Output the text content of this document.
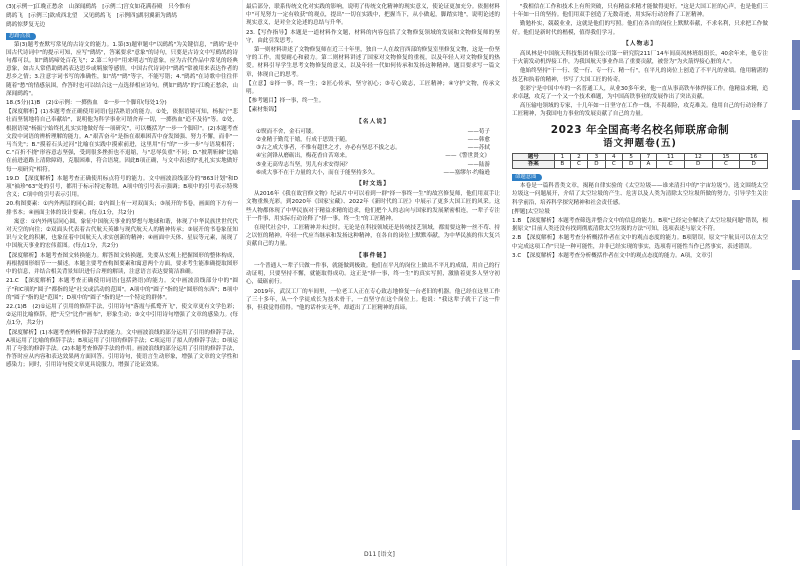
(3)[示例一]江晚正愁余　山深闻鹧鸪　[示例二]宫女如花满春殿　只今惟有

鹧鸪飞　[示例三]欲成西北望　又见鹧鸪飞　[示例四]湖羽翼新为鹧鸪

鹧鸪惊梦复无边

思路点拨

第(3)题考查默写常见的古诗文的能力。1.第(3)题审题中"以鹧鸪"为关键信息，"鹧鸪"是中国古代诗词中"的提示可知，应写"鹧鸪"，答案要求"意象"的诗句，只要是古诗文中写鹧鸪的诗句都可以。如"鹧鸪啼处百花飞"；2.第二句中"用来明志"的意象，应为古代作品中常见的经典意象，如古人常借助鹧鸪表达思乡或羁旅等感情，中国古代诗词中"鹧鸪"常被用来表达作者的思乡之情；3.注意字词书写的准确性，如"鸪""鹧"等字，不能写错；4."鹧鸪"在诗歌中往往伴随着"愁"的情感氛围，作答时也可以结合这一点选择相应诗句。例如"鹧鸪"的"江晚正愁余，山深闻鹧鸪"。

18.(5分)(1)B　(2)①示例：一掷热血　②一步一个脚印(每处1分)

【深度解析】(1)本题考查正确使用词语(包括熟语)的能力。①处，依据语境可知，杨振宁"悲壮而坚韧地将自己奉献给"，说明他为科学事业可谓舍弃一切，一掷热血"追不及待"等。②处，根据语境"杨振宁始终扎扎实实地做好每一项研究"，可以概括为"一步一个脚印"。(2)本题考查文段中词语的辨析理解的能力。A."艰苦奋斗"是指在艰难困苦中奋发图强、努力不懈，而非"一马当先"；B."摸着石头过河"比喻在实践中摸索前进，这里用"行"的"一步一步"与语境相符；C."百折不挠"形容意志坚强，受到很多挫折也不退缩，与"忍辱负重"不同；D."披荆斩棘"比喻在前进道路上清除障碍，克服困难，符合语境。因此B项正确，与文中表述的"扎扎实实地做好每一项研究"相符。

19.D　【深度解析】本题考查正确使用标点符号的能力。文中画波浪线部分的"863计划"和D项"袖珍"63"处的引号，都用于标示特定称谓。A项中的引号表示强调；B项中的引号表示特殊含义；C项中的引号表示引用。

20.构图要素：①内外两层的同心圆；②内圆上有一对双面头；③展开的书卷，画面的下方有一排书本；④画面主体的设计要素。(每点1分，共2分)

寓意：①内外两层同心圆，象征中国航天事业的梦想与地球和谐，体现了中华民族世世代代对天空的向往；②双面头代表着古代航天英雄与现代航天人的精神传承；③展开的书卷象征知识与文化的积累，也象征着中国航天人求实创新的精神；④画面中天体、星辰等元素，展现了中国航天事业的宏伟蓝图。(每点1分，共2分)

【深度解析】本题考查图文转换能力。解答图文转换题，先要从宏观上把握图形的整体构成，再根据图形细节一一描述。本题主要考查构图要素和寓意两个方面，要求考生能准确提取图形中的信息，并结合相关背景知识进行合理的解读，注意语言表达要简洁准确。

21.C　【深度解析】本题考查正确使用词语(包括熟语)的能力。文中画波浪线部分中的"圆子"和C项的"圆子"都指的是"社交或活动的范围"。A项中的"圆子"指的是"圆形的东西"；B项中的"圆子"指的是"范围"；D项中的"圆子"指的是"一个特定的群体"。

22.(1)B　(2)①运用了引用的修辞手法，引用诗句"落霞与孤鹜齐飞"，使文章更有文学色彩；②运用比喻修辞，把"天空"比作"画布"，形象生动；③文中引用诗句增强了文章的感染力。(每点1分，共2分)

【深度解析】(1)本题考查辨析修辞手法的能力。文中画波浪线的部分运用了引用的修辞手法，A项运用了比喻的修辞手法；B项运用了引用的修辞手法；C项运用了拟人的修辞手法；D项运用了夸张的修辞手法。(2)本题考查修辞手法的作用。画波浪线的部分运用了引用的修辞手法，作答时应从内容和表达效果两方面回答。引用诗句，使语言生动形象，增强了文章的文学性和感染力；同时，引用诗句使文章更具说服力，增强了论证效果。

最后部分，联系传统文化对实践的影响，说明了传统文化精神的现实意义，使论证更加充分。依据材料中"可见努力一定有收获"的观点，提出"一切在实践中，把握当下，从小做起，脚踏实地"，说明论述的现实意义，是对全文论述的总结与升华。

23.【写作指导】本题是一道材料作文题，材料的内容包括了文物修复领域的发展和文物修复师的坚守，由此引发思考。

第一则材料讲述了文物修复师在近三十年里，独自一人在故宫西部的修复室里修复文物，这是一份坚守的工作，需要耐心和毅力。第二则材料讲述了国家对文物修复的重视，以及年轻人对文物修复的热爱。材料引导学生思考文物修复的意义，以及年轻一代如何传承和发扬这种精神。题目要求写一篇文章，体现自己的思考。

【立意】①择一事，终一生；②匠心传承，坚守初心；③专心致志，工匠精神；④守护文物，传承文明。

【参考题目】择一事，终一生。

【素材集锦】

【名人说】
①锲而不舍，金石可镂。	——荀子
②业精于勤荒于嬉，行成于思毁于随。	——韩愈
③古之成大事者，不惟有超世之才，亦必有坚忍不拔之志。	——苏轼
④宝剑锋从磨砺出，梅花香自苦寒来。	——《警世贤文》
⑤业无高卑志当坚，男儿有求安得闲？	——陆游
⑥成大事不在于力量的大小，而在于能坚持多久。	——塞缪尔·约翰逊
【时文选】

从2016年《我在故宫修文物》纪录片中可以看到一群"择一事终一生"的故宫修复师，他们用双手让文物重焕光彩。到2020年《国家宝藏》、2022年《新时代的工匠》中展示了更多大国工匠的风采。这些人物都体现了中华民族对于精益求精的追求，他们把个人的志向与国家的发展紧密相连，一辈子专注于一件事，用实际行动诠释了"择一事，终一生"的工匠精神。

在现代社会中，工匠精神并未过时。无论是在科技领域还是传统技艺领域，都需要这种一丝不苟、持之以恒的精神。年轻一代应当继承和发扬这种精神，在各自的岗位上默默奉献，为中华民族的伟大复兴贡献自己的力量。

【事件链】

一个普通人一辈子只做一件事，就能做到极致。他们在平凡的岗位上做出不平凡的成绩，用自己的行动证明，只要坚持不懈，就能取得成功。这正是"择一事，终一生"的真实写照，激励着更多人坚守初心，砥砺前行。

2019年，武汉工厂的车间里，一位老工人正在专心致志地修复一台老旧的机器。他已经在这里工作了三十多年，从一个学徒成长为技术骨干，一直坚守在这个岗位上。他说："我这辈子就干了这一件事，但我觉得值得。"他的话朴实无华，却道出了工匠精神的真谛。

"我相信在工作和技术上有所突破，只有精益求精才能做得更好。"这是大国工匠的心声，也是他们三十年如一日的坚持。他们用双手创造了无数奇迹，用实际行动诠释了工匠精神。

勤勉朴实，兢兢业业，这就是他们的写照。他们在各自的岗位上默默奉献，不求名利，只求把工作做好。他们是新时代的楷模，值得我们学习。

【人物志】

高凤林是中国航天科技集团有限公司第一研究院211厂14车间高凤林班组组长，40余年来，他专注于火箭发动机焊接工作，为我国航天事业作出了重要贡献，被誉为"为火箭焊接心脏的人"。

他始终坚持"干一行、爱一行、专一行、精一行"，在平凡的岗位上创造了不平凡的业绩。他用精湛的技艺和执着的精神，书写了大国工匠的传奇。

张彩宁是中国中车的一名普通工人，从业30多年来，他一直从事高铁车体焊接工作。他精益求精，追求卓越，攻克了一个又一个技术难题，为中国高铁事业的发展作出了突出贡献。

高压输电领域的专家，十几年如一日坚守在工作一线，不畏艰险，攻克难关。他用自己的行动诠释了工匠精神，为我国电力事业的发展贡献了自己的力量。

2023 年全国高考名校名师联席命制
语文押题卷(五)
题号	1	2	3	4	5	7	11	12	15	16
答案	B	C	D	C	D	A	C	D	C	D
命题意图

本卷是一篇科普类文章，揭秘自律实验的《太空垃圾——谁来清扫中的"宇宙垃圾"》。选文围绕太空垃圾这一问题展开，介绍了太空垃圾的产生、危害以及人类为清除太空垃圾所做的努力，引导学生关注科学前沿，培养科学探究精神和社会责任感。

[押题]太空垃圾

1.B　【深度解析】本题考查筛选并整合文中的信息的能力。B项"已经完全解决了太空垃圾问题"错误，根据原文"目前人类还没有找到彻底清除太空垃圾的方法"可知，选项表述与原文不符。

2.B　【深度解析】本题考查分析概括作者在文中的观点态度的能力。B项错误，原文"宇航员可以在太空中完成这项工作"只是一种可能性，并非已经实现的事实，选项将可能性当作已然事实，表述错误。

3.C　【深度解析】本题考查分析概括作者在文中的观点态度的能力。A项，文章引

D11 [语文]
